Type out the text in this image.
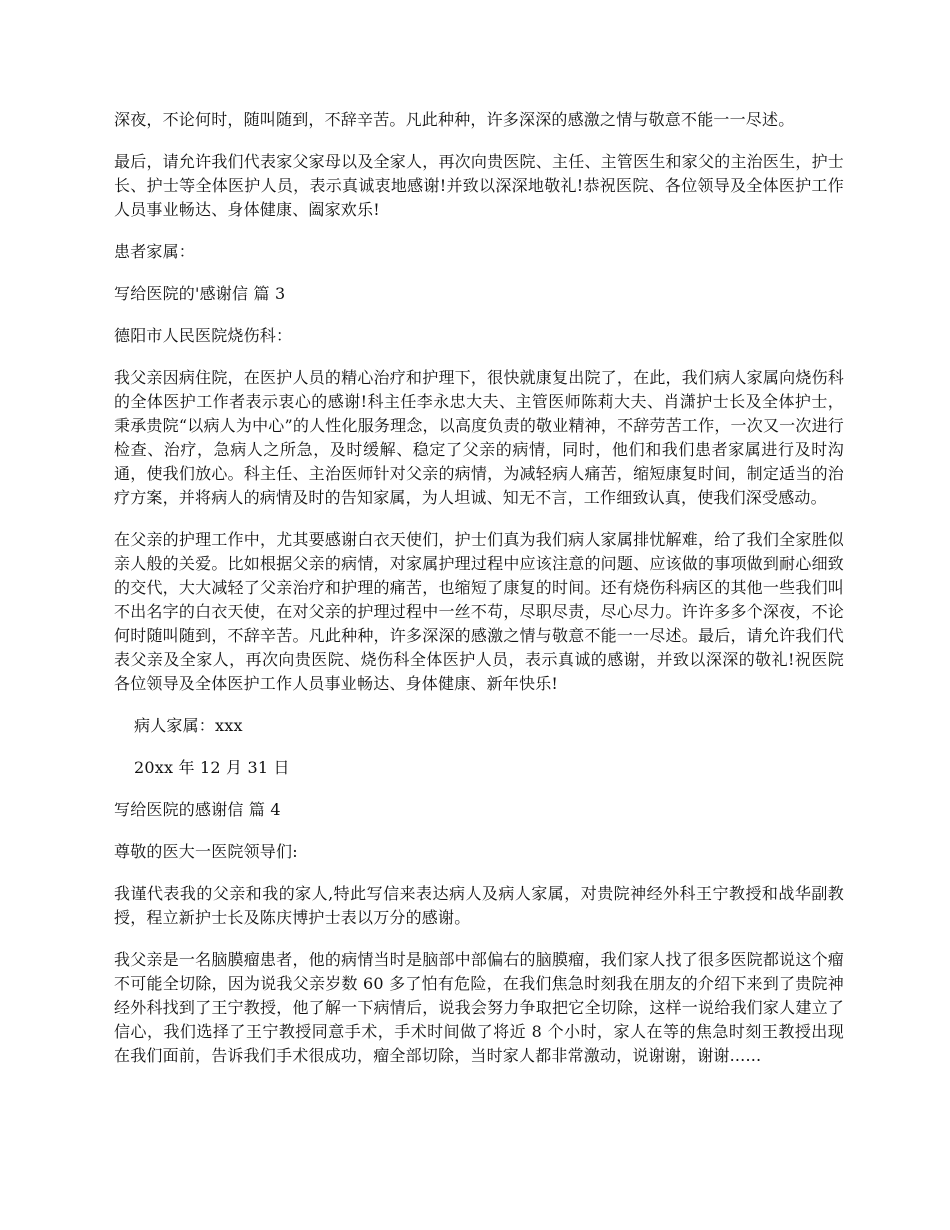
深夜，不论何时，随叫随到，不辞辛苦。凡此种种，许多深深的感激之情与敬意不能一一尽述。

最后，请允许我们代表家父家母以及全家人，再次向贵医院、主任、主管医生和家父的主治医生，护士长、护士等全体医护人员，表示真诚衷地感谢!并致以深深地敬礼!恭祝医院、各位领导及全体医护工作人员事业畅达、身体健康、阖家欢乐!

患者家属：

写给医院的'感谢信 篇 3

德阳市人民医院烧伤科：

我父亲因病住院，在医护人员的精心治疗和护理下，很快就康复出院了，在此，我们病人家属向烧伤科的全体医护工作者表示衷心的感谢!科主任李永忠大夫、主管医师陈莉大夫、肖潇护士长及全体护士，秉承贵院“以病人为中心”的人性化服务理念，以高度负责的敬业精神，不辞劳苦工作，一次又一次进行检查、治疗，急病人之所急，及时缓解、稳定了父亲的病情，同时，他们和我们患者家属进行及时沟通，使我们放心。科主任、主治医师针对父亲的病情，为减轻病人痛苦，缩短康复时间，制定适当的治疗方案，并将病人的病情及时的告知家属，为人坦诚、知无不言，工作细致认真，使我们深受感动。

在父亲的护理工作中，尤其要感谢白衣天使们，护士们真为我们病人家属排忧解难，给了我们全家胜似亲人般的关爱。比如根据父亲的病情，对家属护理过程中应该注意的问题、应该做的事项做到耐心细致的交代，大大减轻了父亲治疗和护理的痛苦，也缩短了康复的时间。还有烧伤科病区的其他一些我们叫不出名字的白衣天使，在对父亲的护理过程中一丝不苟，尽职尽责，尽心尽力。许许多多个深夜，不论何时随叫随到，不辞辛苦。凡此种种，许多深深的感激之情与敬意不能一一尽述。最后，请允许我们代表父亲及全家人，再次向贵医院、烧伤科全体医护人员，表示真诚的感谢，并致以深深的敬礼!祝医院各位领导及全体医护工作人员事业畅达、身体健康、新年快乐!

病人家属：xxx

20xx 年 12 月 31 日

写给医院的感谢信 篇 4

尊敬的医大一医院领导们:

我谨代表我的父亲和我的家人,特此写信来表达病人及病人家属，对贵院神经外科王宁教授和战华副教授，程立新护士长及陈庆博护士表以万分的感谢。

我父亲是一名脑膜瘤患者，他的病情当时是脑部中部偏右的脑膜瘤，我们家人找了很多医院都说这个瘤不可能全切除，因为说我父亲岁数 60 多了怕有危险，在我们焦急时刻我在朋友的介绍下来到了贵院神经外科找到了王宁教授，他了解一下病情后，说我会努力争取把它全切除，这样一说给我们家人建立了信心，我们选择了王宁教授同意手术，手术时间做了将近 8 个小时，家人在等的焦急时刻王教授出现在我们面前，告诉我们手术很成功，瘤全部切除，当时家人都非常激动，说谢谢，谢谢......
